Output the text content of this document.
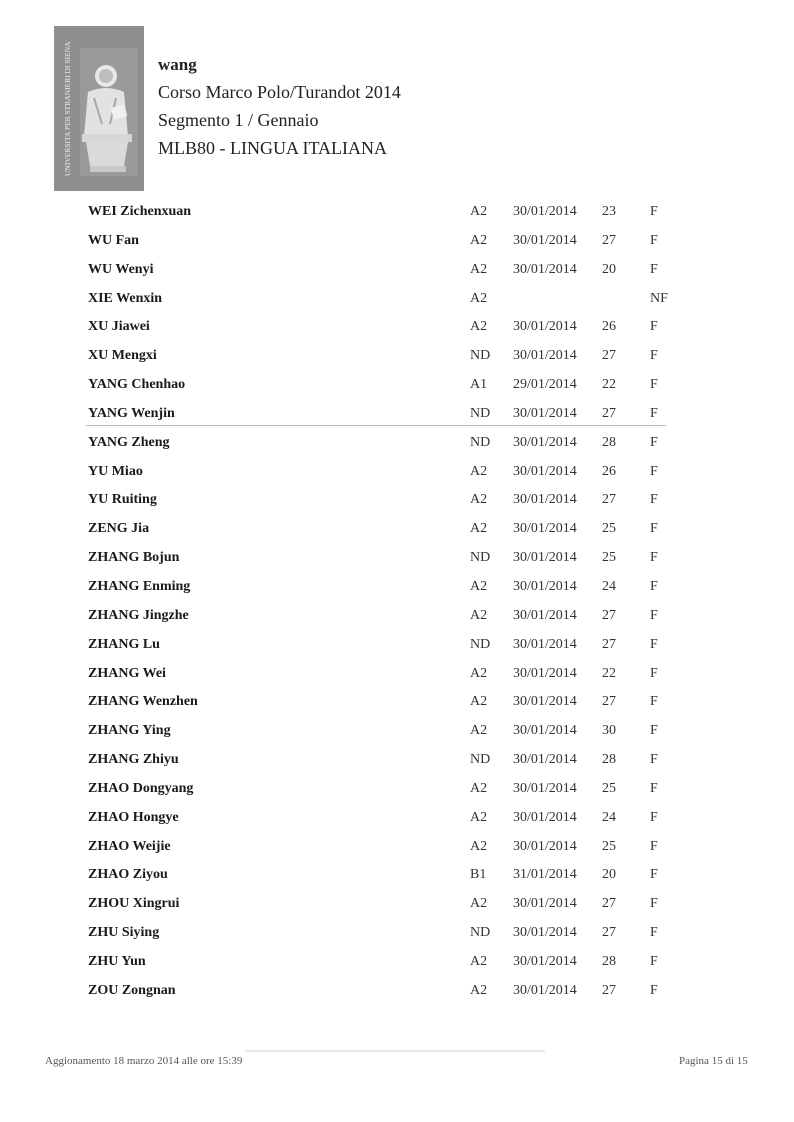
UNIVERSITA PER STRANIERI DI SIENA	wang
Corso Marco Polo/Turandot 2014
Segmento 1 / Gennaio
MLB80 - LINGUA ITALIANA
WEI Zichenxuan	A2 30/01/2014 23 F
WU Fan	A2 30/01/2014 27 F
WU Wenyi	A2 30/01/2014 20 F
XIE Wenxin	A2	NF
XU Jiawei	A2 30/01/2014 26 F
XU Mengxi	ND 30/01/2014 27 F
YANG Chenhao	A1 29/01/2014 22 F
YANG Wenjin	ND 30/01/2014 27 F
YANG Zheng	ND 30/01/2014 28 F
YU Miao	A2 30/01/2014 26 F
YU Ruiting	A2 30/01/2014 27 F
ZENG Jia	A2 30/01/2014 25 F
ZHANG Bojun	ND 30/01/2014 25 F
ZHANG Enming	A2 30/01/2014 24 F
ZHANG Jingzhe	A2 30/01/2014 27 F
ZHANG Lu	ND 30/01/2014 27 F
ZHANG Wei	A2 30/01/2014 22 F
ZHANG Wenzhen	A2 30/01/2014 27 F
ZHANG Ying	A2 30/01/2014 30 F
ZHANG Zhiyu	ND 30/01/2014 28 F
ZHAO Dongyang	A2 30/01/2014 25 F
ZHAO Hongye	A2 30/01/2014 24 F
ZHAO Weijie	A2 30/01/2014 25 F
ZHAO Ziyou	B1 31/01/2014 20 F
ZHOU Xingrui	A2 30/01/2014 27 F
ZHU Siying	ND 30/01/2014 27 F
ZHU Yun	A2 30/01/2014 28 F
ZOU Zongnan	A2 30/01/2014 27 F
Aggionamento 18 marzo 2014 alle ore 15:39	Pagina 15 di 15
